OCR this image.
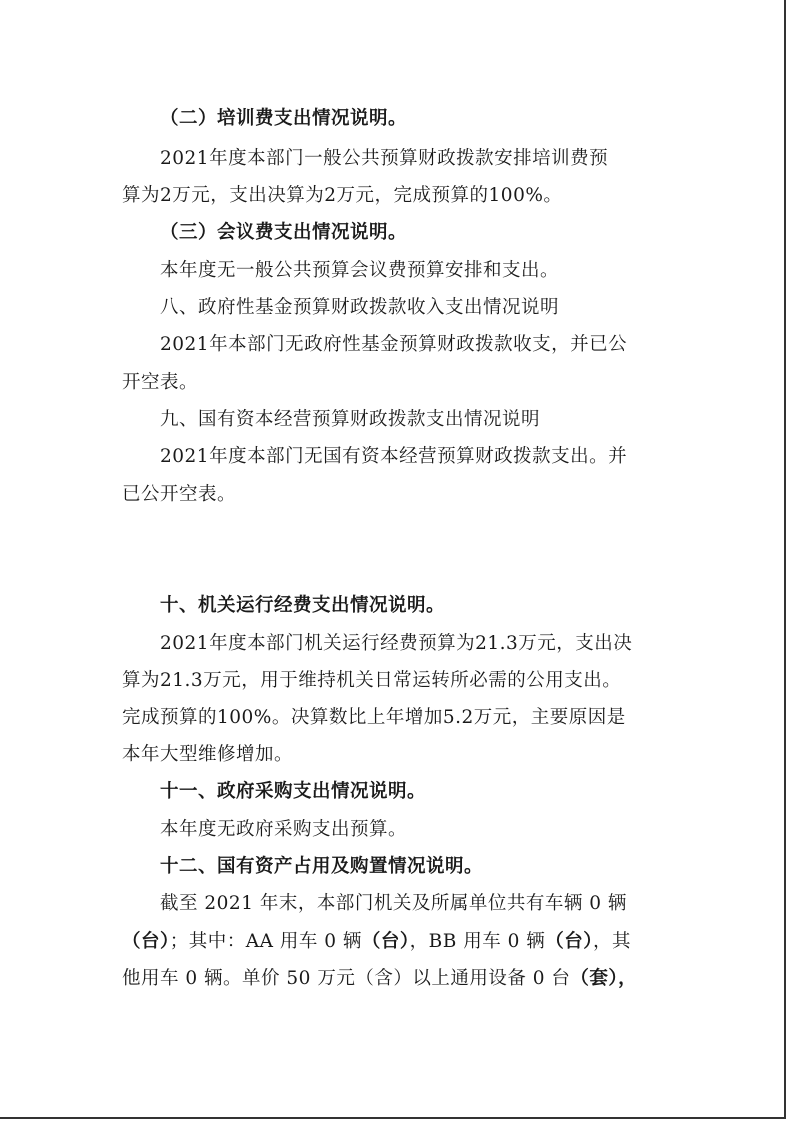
（二）培训费支出情况说明。
2021年度本部门一般公共预算财政拨款安排培训费预
算为2万元，支出决算为2万元，完成预算的100%。
（三）会议费支出情况说明。
本年度无一般公共预算会议费预算安排和支出。
八、政府性基金预算财政拨款收入支出情况说明
2021年本部门无政府性基金预算财政拨款收支，并已公
开空表。
九、国有资本经营预算财政拨款支出情况说明
2021年度本部门无国有资本经营预算财政拨款支出。并
已公开空表。
十、机关运行经费支出情况说明。
2021年度本部门机关运行经费预算为21.3万元，支出决
算为21.3万元，用于维持机关日常运转所必需的公用支出。
完成预算的100%。决算数比上年增加5.2万元，主要原因是
本年大型维修增加。
十一、政府采购支出情况说明。
本年度无政府采购支出预算。
十二、国有资产占用及购置情况说明。
截至 2021 年末，本部门机关及所属单位共有车辆 0 辆
（台）；其中：AA 用车 0 辆（台），BB 用车 0 辆（台），其
他用车 0 辆。单价 50 万元（含）以上通用设备 0 台（套），
